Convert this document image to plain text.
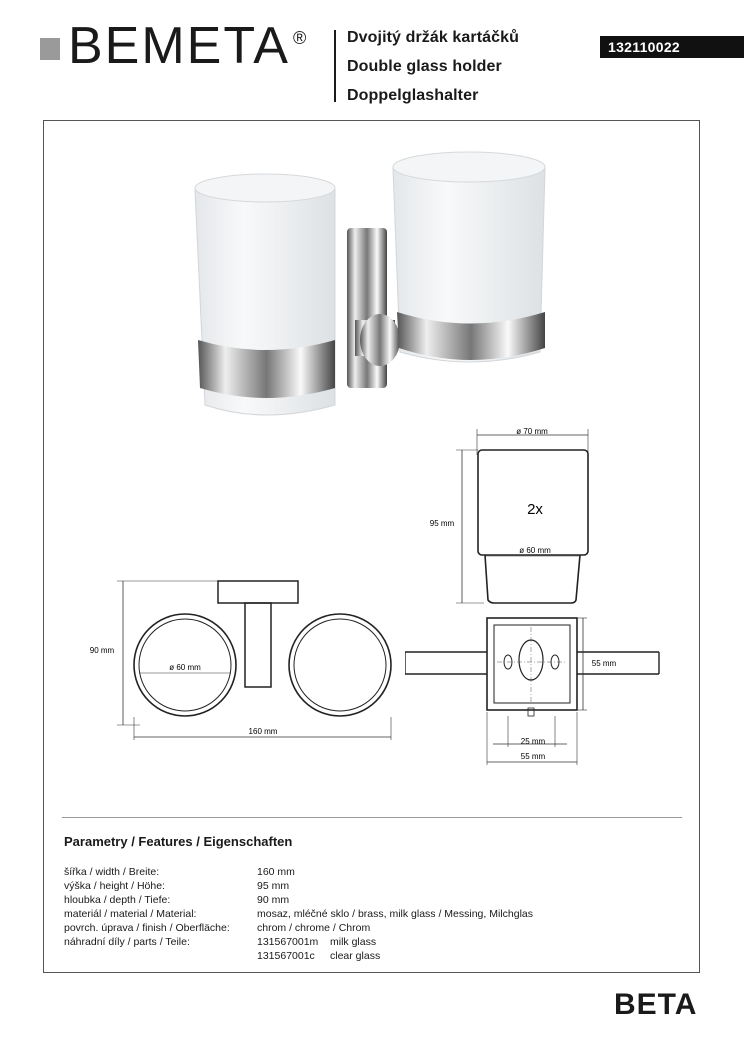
BEMETA ®	Dvojitý držák kartáčků
Double glass holder
Doppelglashalter
132110022
ø 70 mm
95 mm
2x
ø 60 mm
90 mm
ø 60 mm
160 mm
55 mm
25 mm
55 mm
Parametry / Features / Eigenschaften
šířka / width / Breite:	160 mm
výška / height / Höhe:	95 mm
hloubka / depth / Tiefe:	90 mm
materiál / material / Material:	mosaz, mléčné sklo / brass, milk glass / Messing, Milchglas
povrch. úprava / finish / Oberfläche:	chrom / chrome / Chrom
náhradní díly / parts / Teile:	131567001m milk glass
131567001c clear glass
BETA
